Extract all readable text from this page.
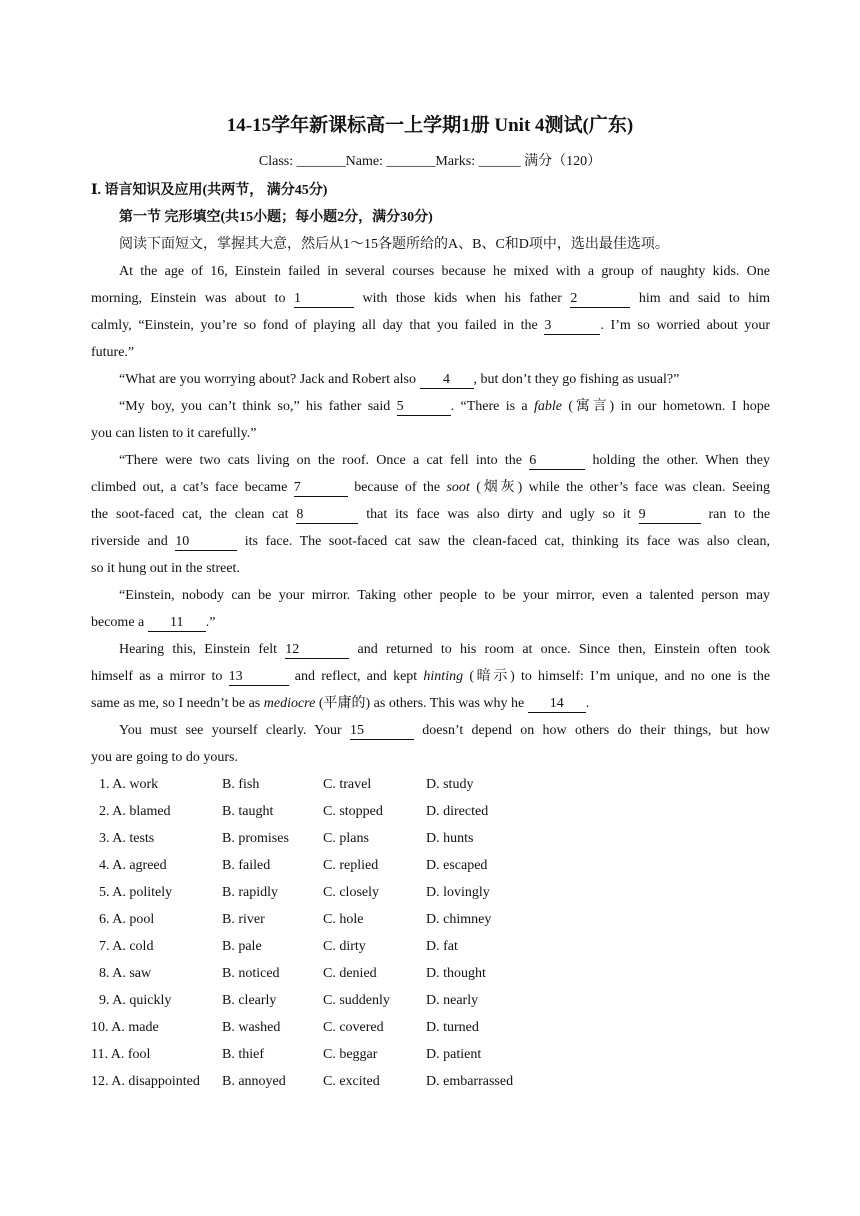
14-15学年新课标高一上学期1册 Unit 4测试(广东)
Class: _______Name: _______Marks: ______ 满分（120）
Ⅰ. 语言知识及应用(共两节， 满分45分)
第一节 完形填空(共15小题；每小题2分，满分30分)
阅读下面短文，掌握其大意，然后从1～15各题所给的A、B、C和D项中，选出最佳选项。
At the age of 16, Einstein failed in several courses because he mixed with a group of naughty kids. One
morning, Einstein was about to 1	with those kids when his father 2	him and said to him
calmly, “Einstein, you’re so fond of playing all day that you failed in the 3	. I’m so worried about your
future.”
“What are you worrying about? Jack and Robert also 4 , but don’t they go fishing as usual?”
“My boy, you can’t think so,” his father said 5	. “There is a fable (寓言) in our hometown. I hope
you can listen to it carefully.”
“There were two cats living on the roof. Once a cat fell into the 6	holding the other. When they
climbed out, a cat’s face became 7	because of the soot (烟灰) while the other’s face was clean. Seeing
the soot-faced cat, the clean cat 8	that its face was also dirty and ugly so it 9	ran to the
riverside and 10	its face. The soot-faced cat saw the clean-faced cat, thinking its face was also clean,
so it hung out in the street.
“Einstein, nobody can be your mirror. Taking other people to be your mirror, even a talented person may
become a 11 .”
Hearing this, Einstein felt 12	and returned to his room at once. Since then, Einstein often took
himself as a mirror to 13	and reflect, and kept hinting (暗示) to himself: I’m unique, and no one is the
same as me, so I needn’t be as mediocre (平庸的) as others. This was why he 14 .
You must see yourself clearly. Your 15	doesn’t depend on how others do their things, but how
you are going to do yours.
1. A. work	B. fish	C. travel	D. study
2. A. blamed	B. taught	C. stopped	D. directed
3. A. tests	B. promises C. plans	D. hunts
4. A. agreed	B. failed	C. replied	D. escaped
5. A. politely	B. rapidly	C. closely	D. lovingly
6. A. pool	B. river	C. hole	D. chimney
7. A. cold	B. pale	C. dirty	D. fat
8. A. saw	B. noticed	C. denied	D. thought
9. A. quickly	B. clearly	C. suddenly	D. nearly
10. A. made	B. washed	C. covered	D. turned
11. A. fool	B. thief	C. beggar	D. patient
12. A. disappointed B. annoyed	C. excited	D. embarrassed
